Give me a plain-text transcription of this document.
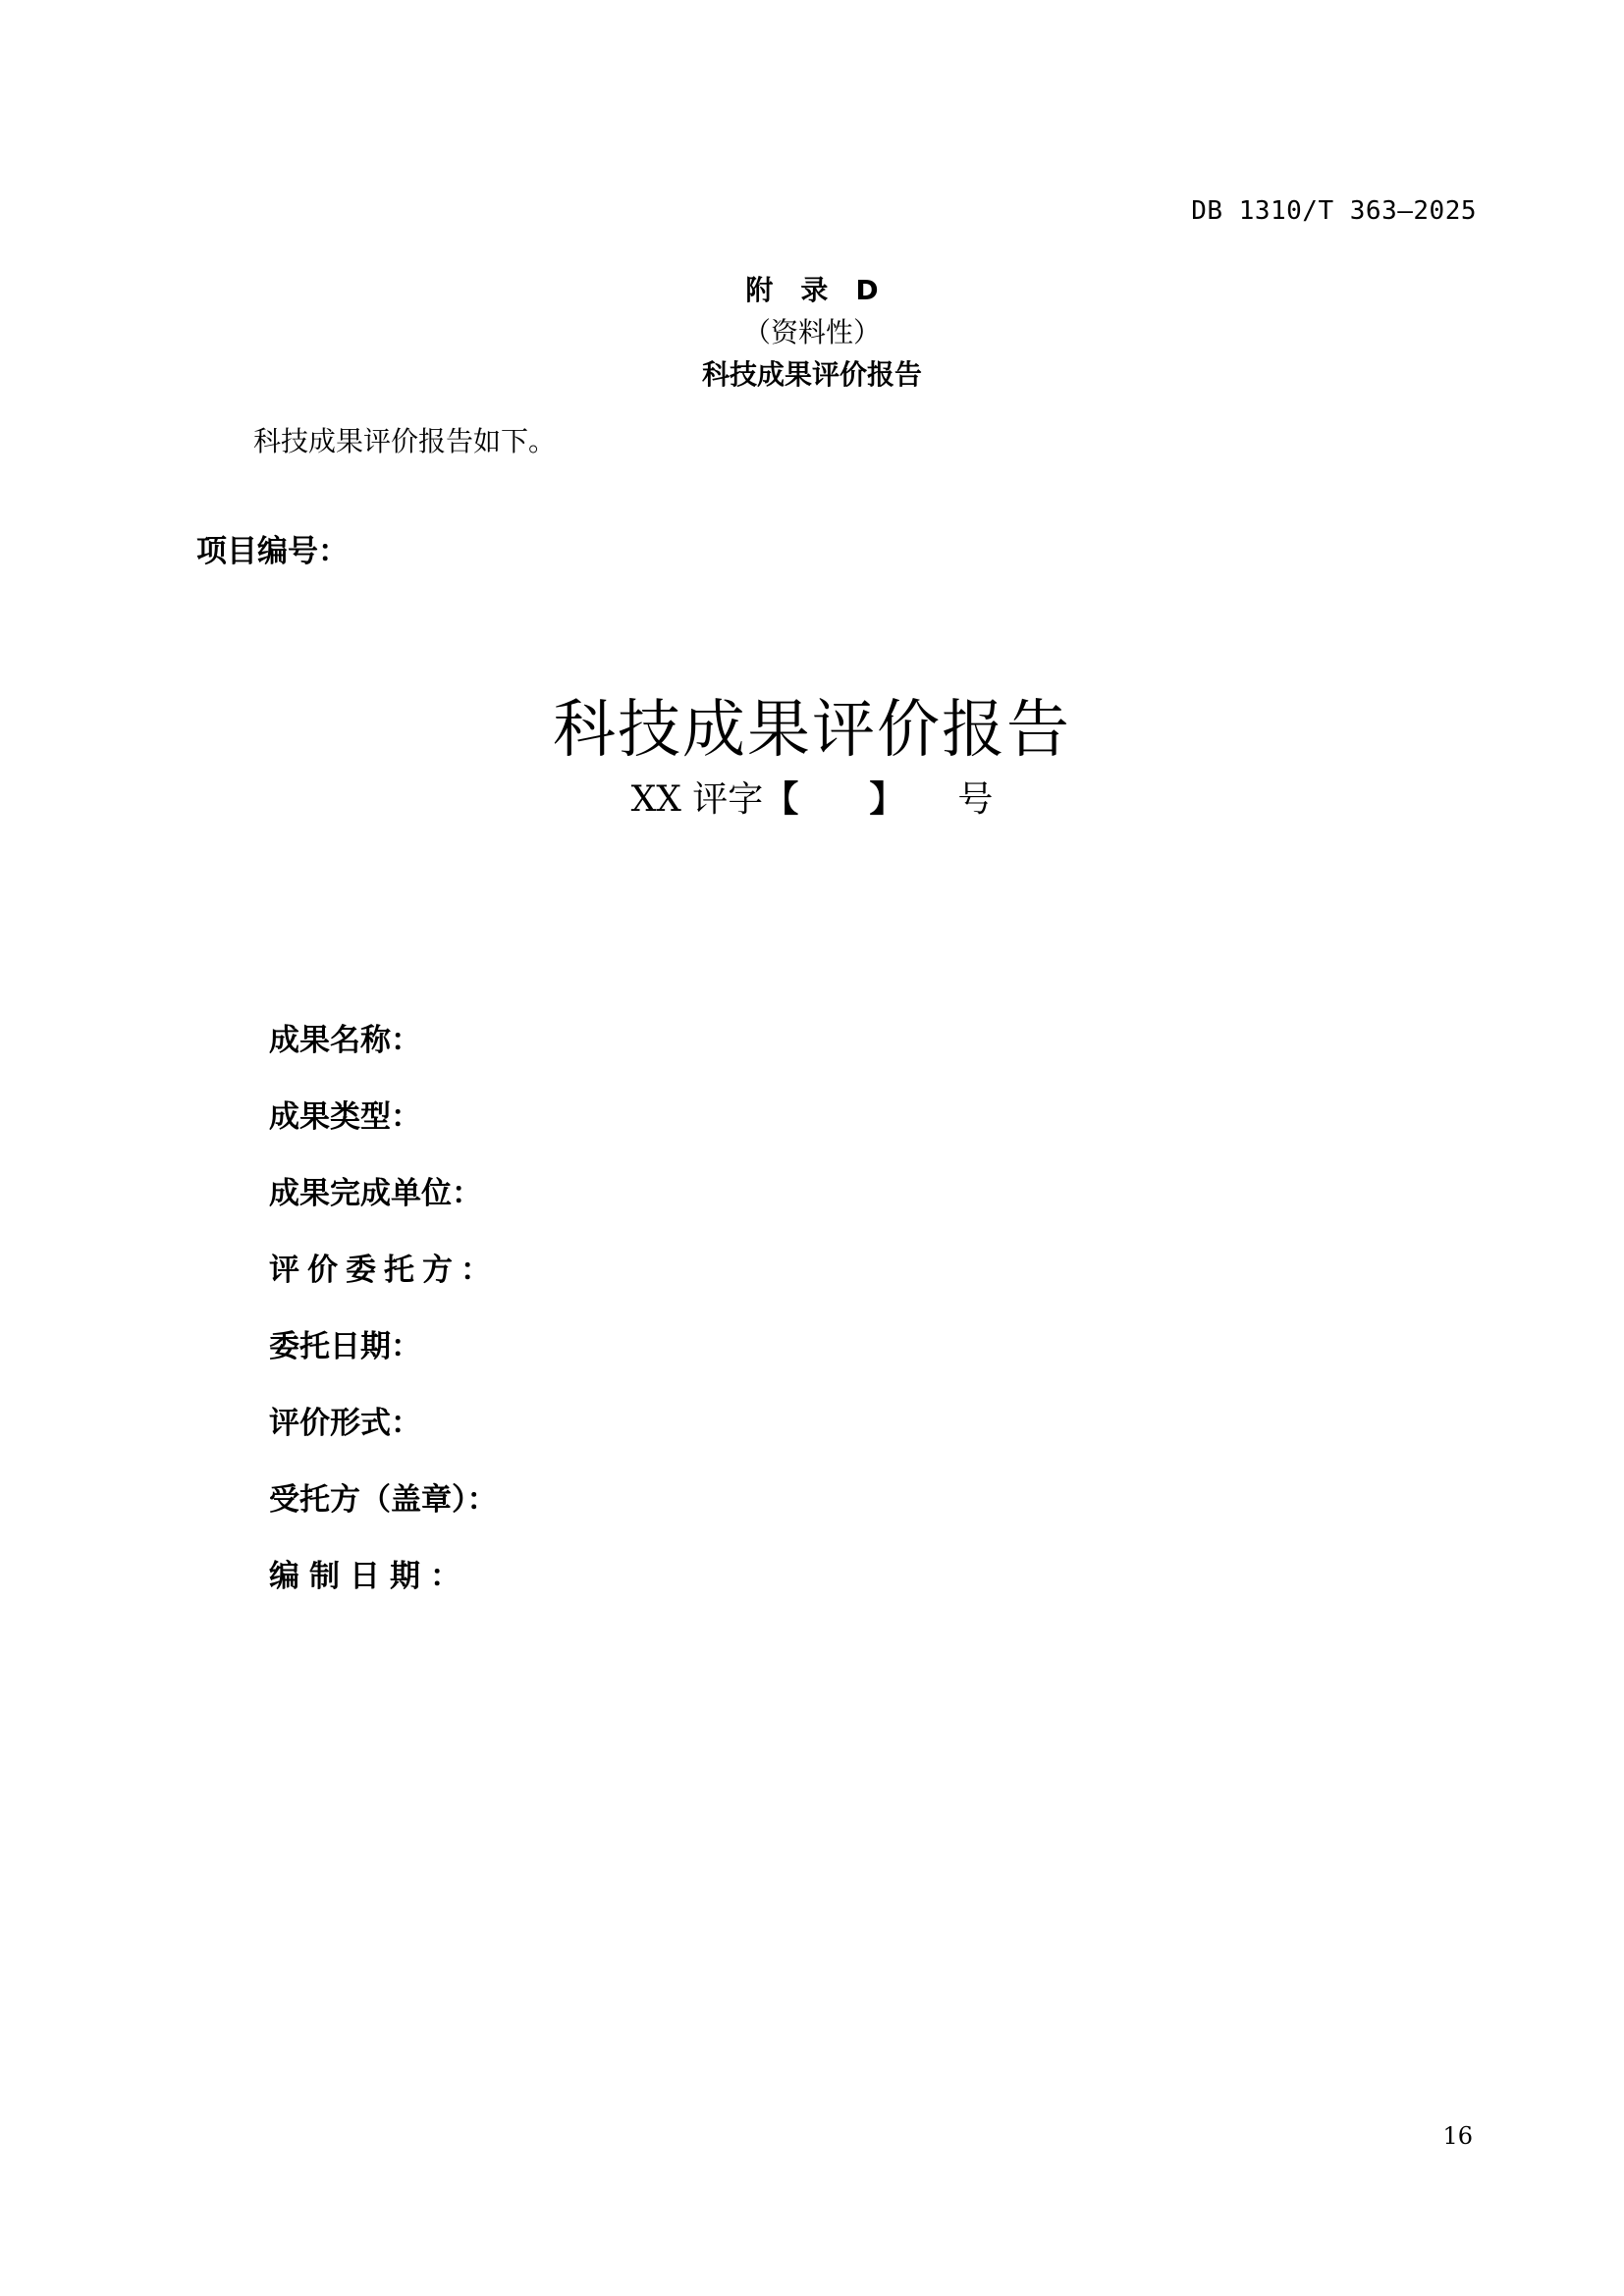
DB 1310/T 363—2025
附　录　D
（资料性）
科技成果评价报告
科技成果评价报告如下。
项目编号：
科技成果评价报告
XX 评字【　　 】　　号
成果名称：
成果类型：
成果完成单位：
评价委托方：
委托日期：
评价形式：
受托方（盖章）：
编制日期：
16
